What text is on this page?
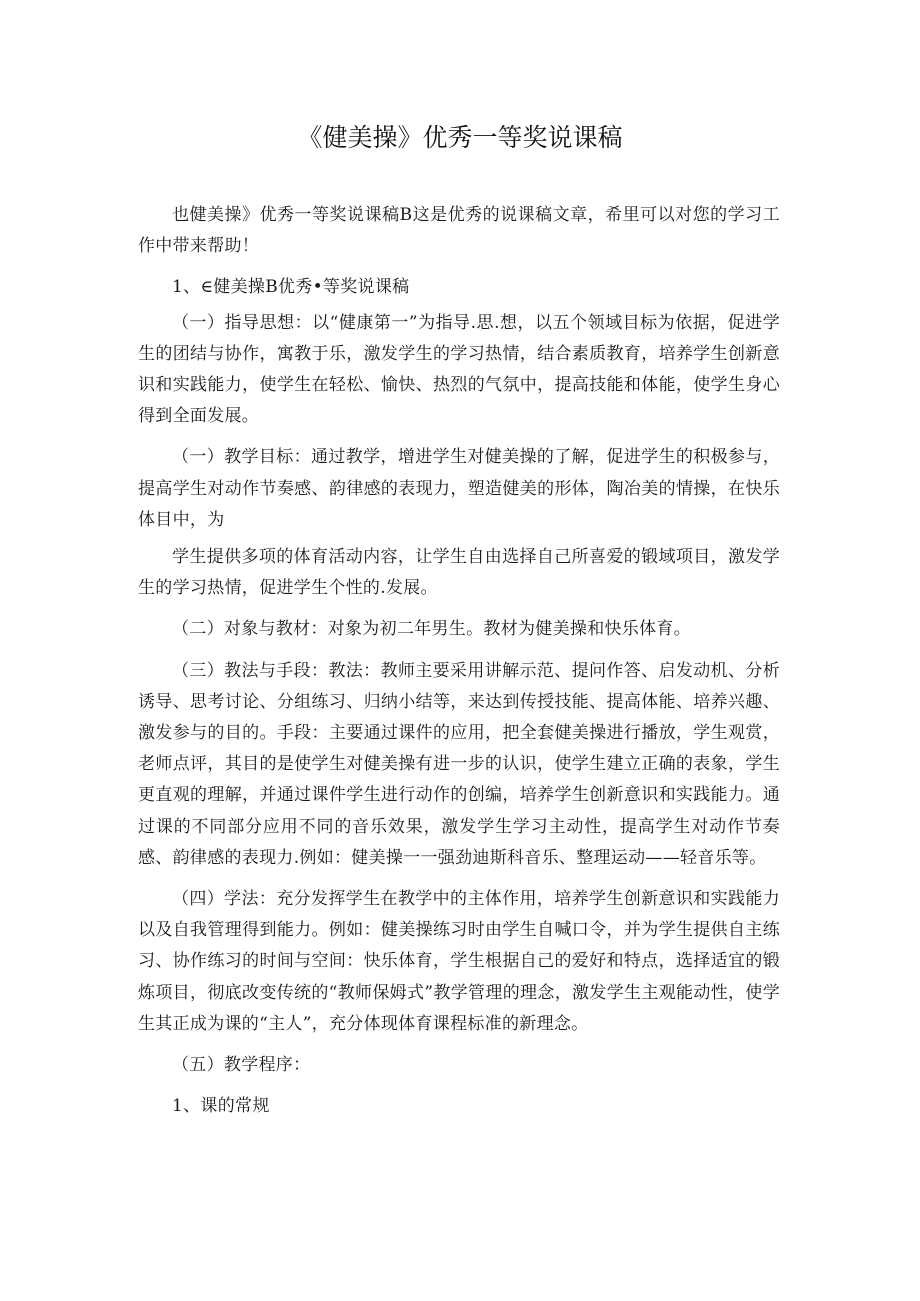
《健美操》优秀一等奖说课稿

也健美操》优秀一等奖说课稿B这是优秀的说课稿文章，希里可以对您的学习工作中带来帮助！

1、∈健美操B优秀•等奖说课稿

（一）指导思想：以“健康第一”为指导.思.想，以五个领域目标为依据，促进学生的团结与协作，寓教于乐，激发学生的学习热情，结合素质教育，培养学生创新意识和实践能力，使学生在轻松、愉快、热烈的气氛中，提高技能和体能，使学生身心得到全面发展。

（一）教学目标：通过教学，增进学生对健美操的了解，促进学生的积极参与，提高学生对动作节奏感、韵律感的表现力，塑造健美的形体，陶冶美的情操，在快乐体目中，为

学生提供多项的体育活动内容，让学生自由选择自己所喜爱的锻域项目，激发学生的学习热情，促进学生个性的.发展。

（二）对象与教材：对象为初二年男生。教材为健美操和快乐体育。

（三）教法与手段：教法：教师主要采用讲解示范、提问作答、启发动机、分析诱导、思考讨论、分组练习、归纳小结等，来达到传授技能、提高体能、培养兴趣、激发参与的目的。手段：主要通过课件的应用，把全套健美操进行播放，学生观赏，老师点评，其目的是使学生对健美操有进一步的认识，使学生建立正确的表象，学生更直观的理解，并通过课件学生进行动作的创编，培养学生创新意识和实践能力。通过课的不同部分应用不同的音乐效果，激发学生学习主动性，提高学生对动作节奏感、韵律感的表现力.例如：健美操一一强劲迪斯科音乐、整理运动——轻音乐等。

（四）学法：充分发挥学生在教学中的主体作用，培养学生创新意识和实践能力以及自我管理得到能力。例如：健美操练习时由学生自喊口令，并为学生提供自主练习、协作练习的时间与空间：快乐体育，学生根据自己的爱好和特点，选择适宜的锻炼项目，彻底改变传统的“教师保姆式”教学管理的理念，激发学生主观能动性，使学生其正成为课的“主人”，充分体现体育课程标准的新理念。

（五）教学程序：

1、课的常规
